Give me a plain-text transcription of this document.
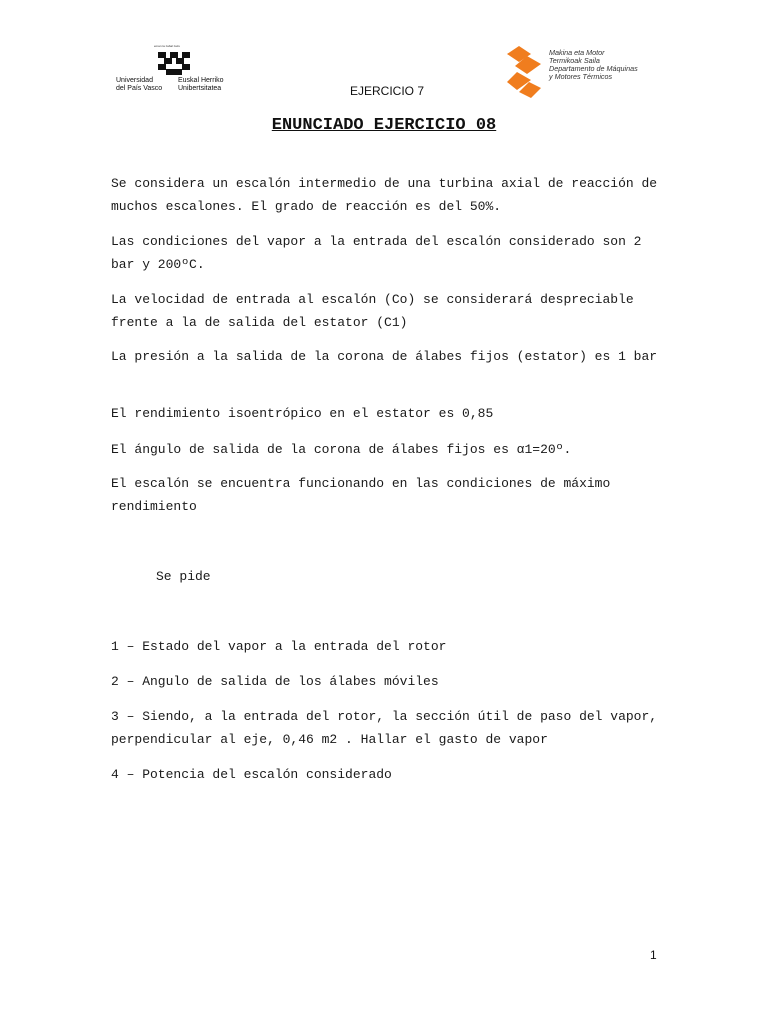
eman ta zabal zazu
Universidad
del País Vasco
Euskal Herriko
Unibertsitatea	EJERCICIO 7
Makina eta Motor
Termikoak Saila
Departamento de Máquinas
y Motores Térmicos
ENUNCIADO EJERCICIO 08
Se considera un escalón intermedio de una turbina axial de reacción de muchos escalones. El grado de reacción es del 50%.
Las condiciones del vapor a la entrada del escalón considerado son 2 bar y 200ºC.
La velocidad de entrada al escalón (Co) se considerará despreciable frente a la de salida del estator (C1)
La presión a la salida de la corona de álabes fijos (estator) es 1 bar
El rendimiento isoentrópico en el estator es 0,85
El ángulo de salida de la corona de álabes fijos es α1=20º.
El escalón se encuentra funcionando en las condiciones de máximo rendimiento
Se pide
1 – Estado del vapor a la entrada del rotor
2 – Angulo de salida de los álabes móviles
3 – Siendo, a la entrada del rotor, la sección útil de paso del vapor, perpendicular al eje, 0,46 m2 . Hallar el gasto de vapor
4 – Potencia del escalón considerado
1
